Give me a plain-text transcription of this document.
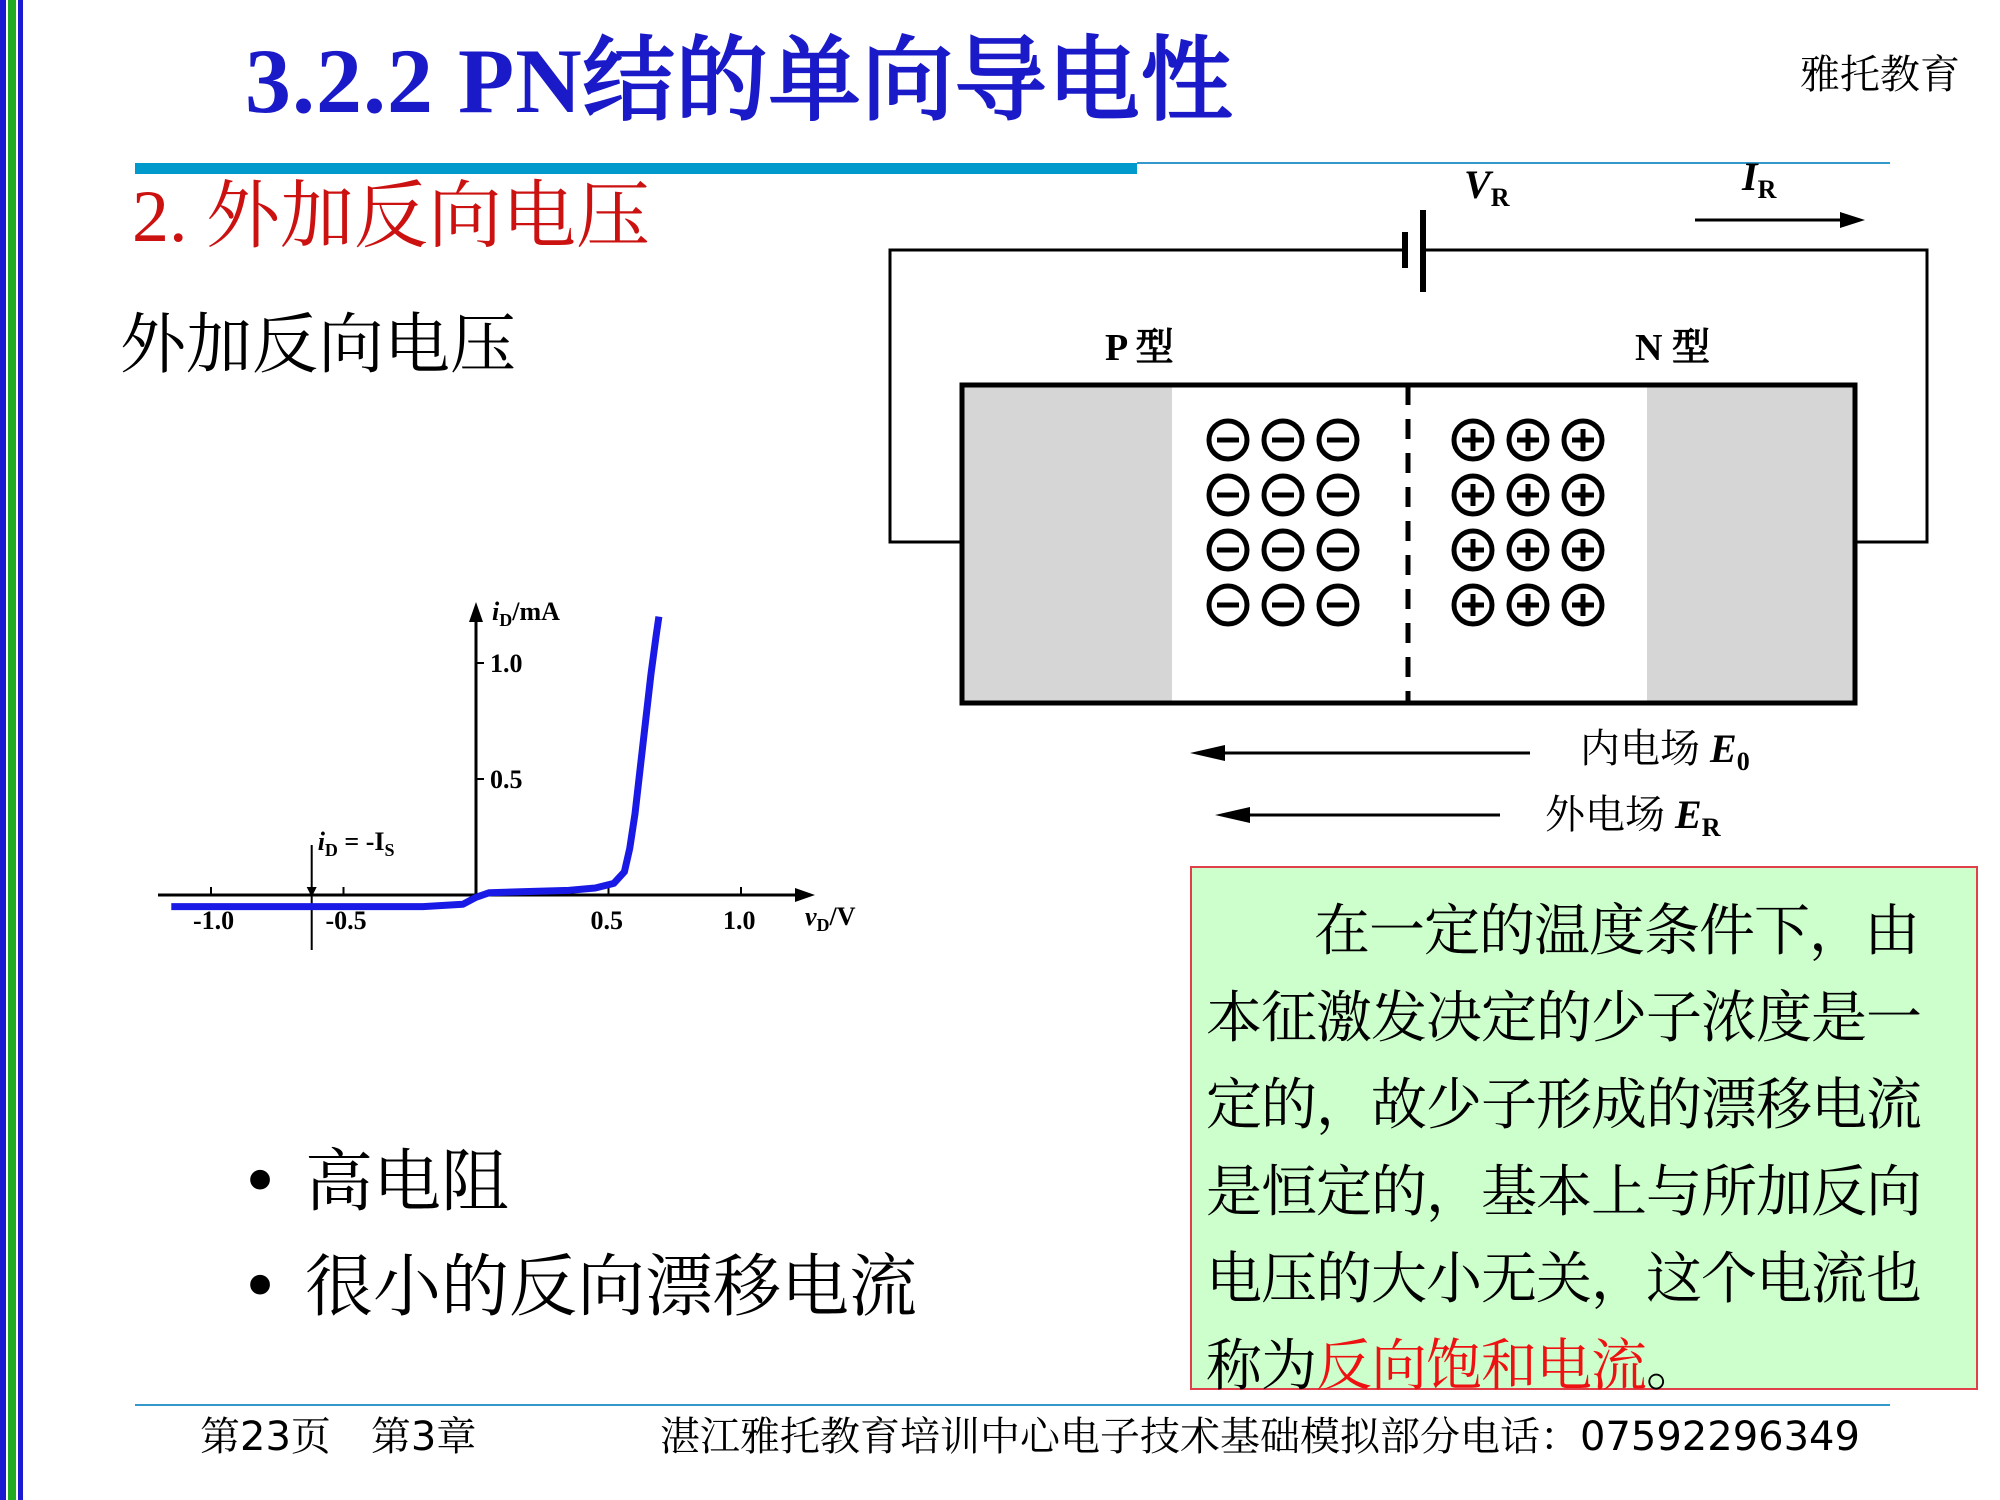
3.2.2 PN结的单向导电性	雅托教育
2. 外加反向电压
外加反向电压
$V_R$	$I_R$
P 型	N 型
内电场 $E_0$
外电场 $E_R$
$i_D/mA$
$v_D/V$
-1.0	-0.5	0.5	1.0
0.5
1.0
$i_D = -I_S$
• 高电阻
• 很小的反向漂移电流
在一定的温度条件下，由
本征激发决定的少子浓度是一
定的，故少子形成的漂移电流
是恒定的，基本上与所加反向
电压的大小无关，这个电流也
称为反向饱和电流。
第23页 第3章	湛江雅托教育培训中心电子技术基础模拟部分电话：07592296349
